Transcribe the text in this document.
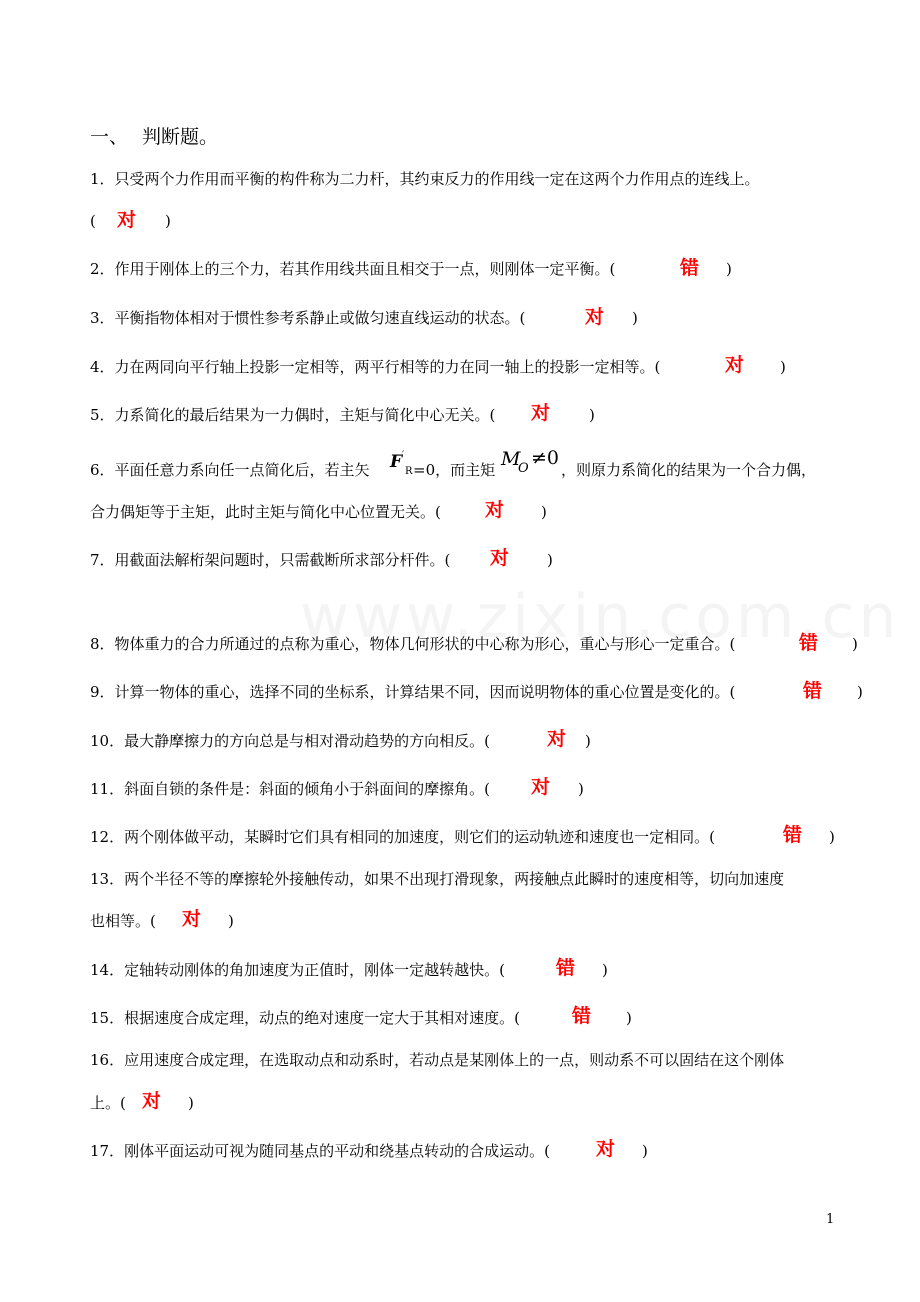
一、 判断题。
1．只受两个力作用而平衡的构件称为二力杆，其约束反力的作用线一定在这两个力作用点的连线上。
( 对 )
2．作用于刚体上的三个力，若其作用线共面且相交于一点，则刚体一定平衡。(	错 )
3．平衡指物体相对于惯性参考系静止或做匀速直线运动的状态。(	对 )
4．力在两同向平行轴上投影一定相等，两平行相等的力在同一轴上的投影一定相等。(	对 )
5．力系简化的最后结果为一力偶时，主矩与简化中心无关。( 对	)
6．平面任意力系向任一点简化后，若主矢 F ′
R =0，而主矩 M
O ≠0
，则原力系简化的结果为一个合力偶，
合力偶矩等于主矩，此时主矩与简化中心位置无关。( 对 )
7．用截面法解桁架问题时，只需截断所求部分杆件。( 对	)
8．物体重力的合力所通过的点称为重心，物体几何形状的中心称为形心，重心与形心一定重合。(	错 )
9．计算一物体的重心，选择不同的坐标系，计算结果不同，因而说明物体的重心位置是变化的。(	错 )
10．最大静摩擦力的方向总是与相对滑动趋势的方向相反。(	对 )
11．斜面自锁的条件是：斜面的倾角小于斜面间的摩擦角。( 对 )
12．两个刚体做平动，某瞬时它们具有相同的加速度，则它们的运动轨迹和速度也一定相同。(	错 )
13．两个半径不等的摩擦轮外接触传动，如果不出现打滑现象，两接触点此瞬时的速度相等，切向加速度
也相等。( 对 )
14．定轴转动刚体的角加速度为正值时，刚体一定越转越快。(	错 )
15．根据速度合成定理，动点的绝对速度一定大于其相对速度。(	错 )
16．应用速度合成定理，在选取动点和动系时，若动点是某刚体上的一点，则动系不可以固结在这个刚体
上。( 对 )
17．刚体平面运动可视为随同基点的平动和绕基点转动的合成运动。( 对 )
1
